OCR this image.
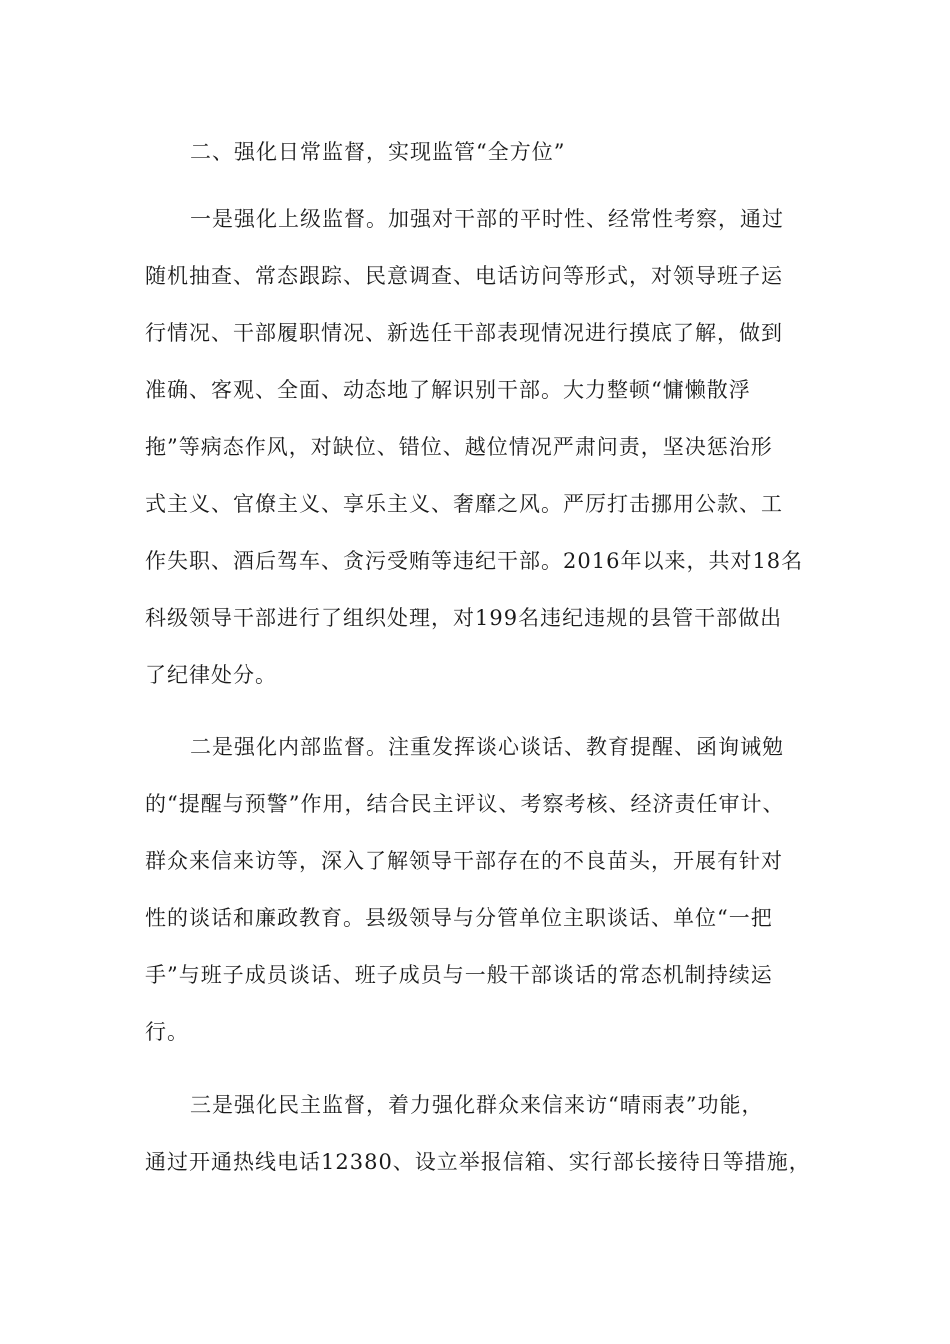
二、强化日常监督，实现监管“全方位”
一是强化上级监督。加强对干部的平时性、经常性考察，通过
随机抽查、常态跟踪、民意调查、电话访问等形式，对领导班子运
行情况、干部履职情况、新选任干部表现情况进行摸底了解，做到
准确、客观、全面、动态地了解识别干部。大力整顿“慵懒散浮
拖”等病态作风，对缺位、错位、越位情况严肃问责，坚决惩治形
式主义、官僚主义、享乐主义、奢靡之风。严厉打击挪用公款、工
作失职、酒后驾车、贪污受贿等违纪干部。2016年以来，共对18名
科级领导干部进行了组织处理，对199名违纪违规的县管干部做出
了纪律处分。
二是强化内部监督。注重发挥谈心谈话、教育提醒、函询诫勉
的“提醒与预警”作用，结合民主评议、考察考核、经济责任审计、
群众来信来访等，深入了解领导干部存在的不良苗头，开展有针对
性的谈话和廉政教育。县级领导与分管单位主职谈话、单位“一把
手”与班子成员谈话、班子成员与一般干部谈话的常态机制持续运
行。
三是强化民主监督，着力强化群众来信来访“晴雨表”功能，
通过开通热线电话12380、设立举报信箱、实行部长接待日等措施，
